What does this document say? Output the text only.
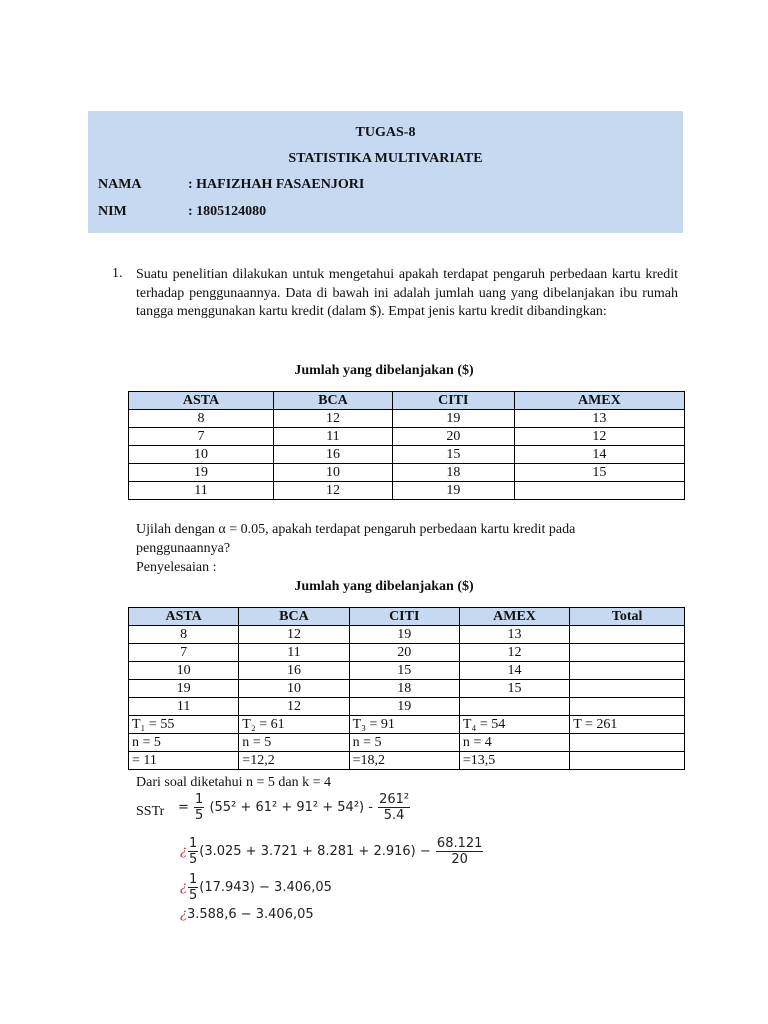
TUGAS-8
STATISTIKA MULTIVARIATE
NAMA	: HAFIZHAH FASAENJORI
NIM	: 1805124080
1. Suatu penelitian dilakukan untuk mengetahui apakah terdapat pengaruh perbedaan kartu kredit terhadap penggunaannya. Data di bawah ini adalah jumlah uang yang dibelanjakan ibu rumah tangga menggunakan kartu kredit (dalam $). Empat jenis kartu kredit dibandingkan:
Jumlah yang dibelanjakan ($)
ASTA	BCA	CITI	AMEX
8	12	19	13
7	11	20	12
10	16	15	14
19	10	18	15
11	12	19	
Ujilah dengan α = 0.05, apakah terdapat pengaruh perbedaan kartu kredit pada
penggunaannya?
Penyelesaian :
Jumlah yang dibelanjakan ($)
ASTA	BCA	CITI	AMEX	Total
8	12	19	13	
7	11	20	12	
10	16	15	14	
19	10	18	15	
11	12	19		
T₁ = 55	T₂ = 61	T₃ = 91	T₄ = 54	T = 261
n = 5	n = 5	n = 5	n = 4	
= 11	=12,2	=18,2	=13,5	
Dari soal diketahui n = 5 dan k = 4
SSTr = $\frac{1}{5} (55^2 + 61^2 + 91^2 + 54^2) - \frac{\text{261²}}{5.4}$
¿ $\frac{1}{5} (3.025 + 3.721 + 8.281 + 2.916) - \frac{68.121}{20}$
¿ $\frac{1}{5} (17.943) - 3.406,05$
¿3.588,6 − 3.406,05
